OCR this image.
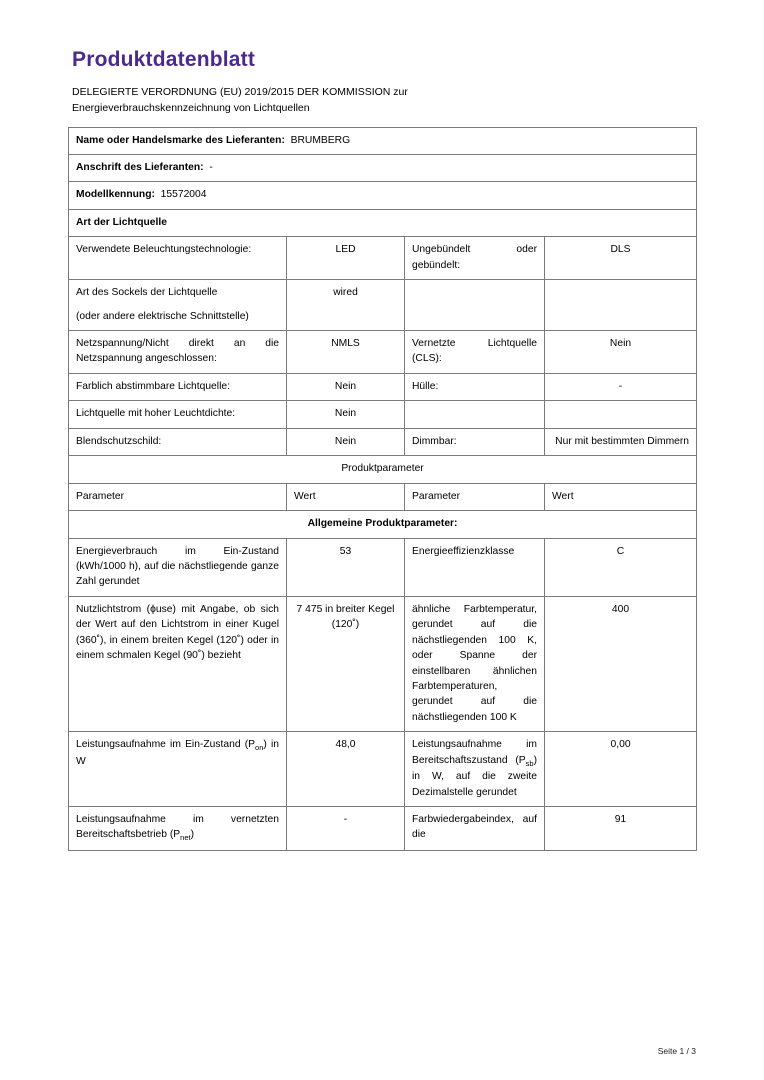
Produktdatenblatt
DELEGIERTE VERORDNUNG (EU) 2019/2015 DER KOMMISSION zur
Energieverbrauchskennzeichnung von Lichtquellen
Name oder Handelsmarke des Lieferanten: BRUMBERG			
Anschrift des Lieferanten: -			
Modellkennung: 15572004			
Art der Lichtquelle			
Verwendete Beleuchtungstechnologie:	LED	Ungebündelt oder gebündelt:	DLS

Art des Sockels der Lichtquelle
(oder andere elektrische Schnittstelle)	wired		
Netzspannung/Nicht direkt an die Netzspannung angeschlossen:	NMLS	Vernetzte Lichtquelle (CLS):	Nein
Farblich abstimmbare Lichtquelle:	Nein	Hülle:	-
Lichtquelle mit hoher Leuchtdichte:	Nein		
Blendschutzschild:	Nein	Dimmbar:	Nur mit bestimmten Dimmern
Produktparameter			
Parameter	Wert	Parameter	Wert
Allgemeine Produktparameter:			
Energieverbrauch im Ein-Zustand (kWh/1000 h), auf die nächstliegende ganze Zahl gerundet	53	Energieeffizienzklasse	C
Nutzlichtstrom (ϕuse) mit Angabe, ob sich der Wert auf den Lichtstrom in einer Kugel (360˚), in einem breiten Kegel (120˚) oder in einem schmalen Kegel (90˚) bezieht	7 475 in breiter Kegel (120˚)	ähnliche Farbtemperatur, gerundet auf die nächstliegenden 100 K, oder Spanne der einstellbaren ähnlichen Farbtemperaturen, gerundet auf die nächstliegenden 100 K	400
Leistungsaufnahme im Ein-Zustand $(P_{on})$ in W	48,0	Leistungsaufnahme im Bereitschaftszustand $(P_{sb})$ in W, auf die zweite Dezimalstelle gerundet	0,00
Leistungsaufnahme im vernetzten Bereitschaftsbetrieb $(P_{net})$	-	Farbwiedergabeindex, auf die	91
Seite 1 / 3
